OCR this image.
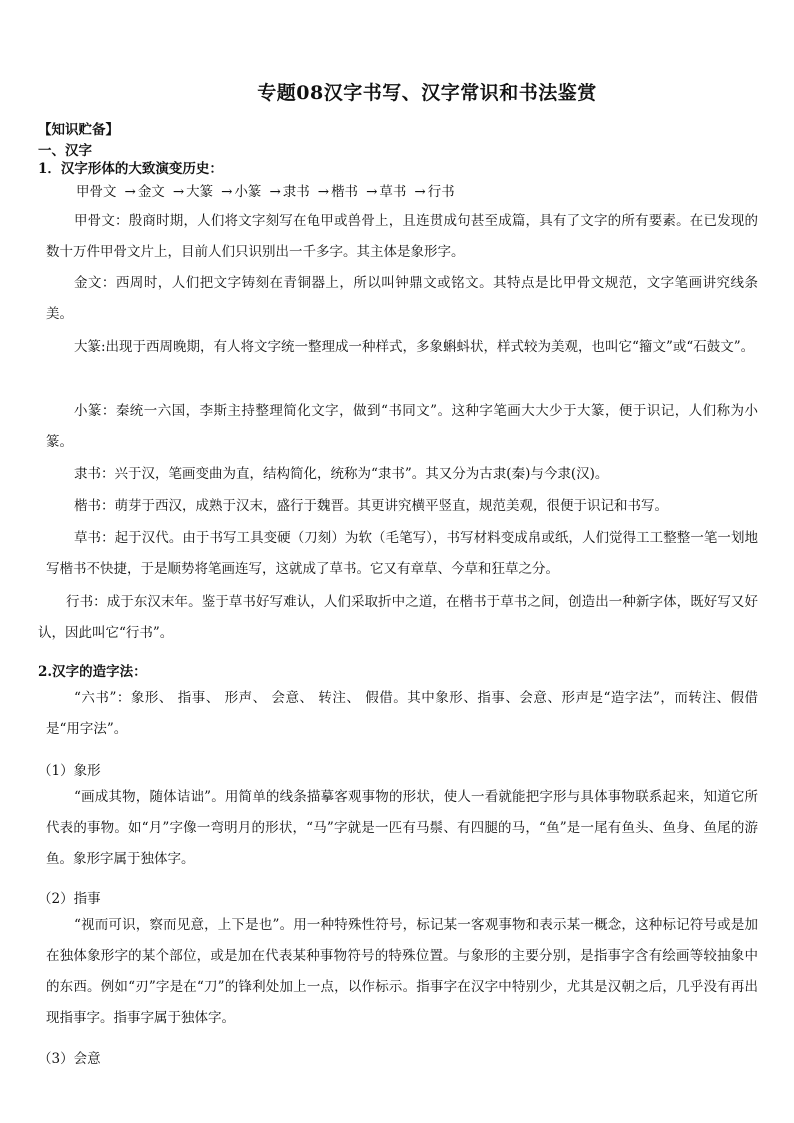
专题08汉字书写、汉字常识和书法鉴赏
【知识贮备】
一、汉字
1．汉字形体的大致演变历史：
甲骨文 → 金文 → 大篆 → 小篆 → 隶书 → 楷书 → 草书 → 行书

甲骨文：殷商时期，人们将文字刻写在龟甲或兽骨上，且连贯成句甚至成篇，具有了文字的所有要素。在已发现的数十万件甲骨文片上，目前人们只识别出一千多字。其主体是象形字。

金文：西周时，人们把文字铸刻在青铜器上，所以叫钟鼎文或铭文。其特点是比甲骨文规范，文字笔画讲究线条美。

大篆:出现于西周晚期，有人将文字统一整理成一种样式，多象蝌蚪状，样式较为美观，也叫它“籀文”或“石鼓文”。

小篆：秦统一六国，李斯主持整理简化文字，做到“书同文”。这种字笔画大大少于大篆，便于识记，人们称为小篆。

隶书：兴于汉，笔画变曲为直，结构简化，统称为“隶书”。其又分为古隶(秦)与今隶(汉)。

楷书：萌芽于西汉，成熟于汉末，盛行于魏晋。其更讲究横平竖直，规范美观，很便于识记和书写。

草书：起于汉代。由于书写工具变硬（刀刻）为软（毛笔写），书写材料变成帛或纸，人们觉得工工整整一笔一划地写楷书不快捷，于是顺势将笔画连写，这就成了草书。它又有章草、今草和狂草之分。

行书：成于东汉末年。鉴于草书好写难认，人们采取折中之道，在楷书于草书之间，创造出一种新字体，既好写又好认，因此叫它“行书”。

2.汉字的造字法：

“六书”：象形、 指事、 形声、 会意、 转注、 假借。其中象形、指事、会意、形声是“造字法”，而转注、假借是“用字法”。

（1）象形

“画成其物，随体诘诎”。用简单的线条描摹客观事物的形状，使人一看就能把字形与具体事物联系起来，知道它所代表的事物。如“月”字像一弯明月的形状，“马”字就是一匹有马鬃、有四腿的马，“鱼”是一尾有鱼头、鱼身、鱼尾的游鱼。象形字属于独体字。

（2）指事

“视而可识，察而见意，上下是也”。用一种特殊性符号，标记某一客观事物和表示某一概念，这种标记符号或是加在独体象形字的某个部位，或是加在代表某种事物符号的特殊位置。与象形的主要分别，是指事字含有绘画等较抽象中的东西。例如“刃”字是在“刀”的锋利处加上一点，以作标示。指事字在汉字中特别少，尤其是汉朝之后，几乎没有再出现指事字。指事字属于独体字。

（3）会意
